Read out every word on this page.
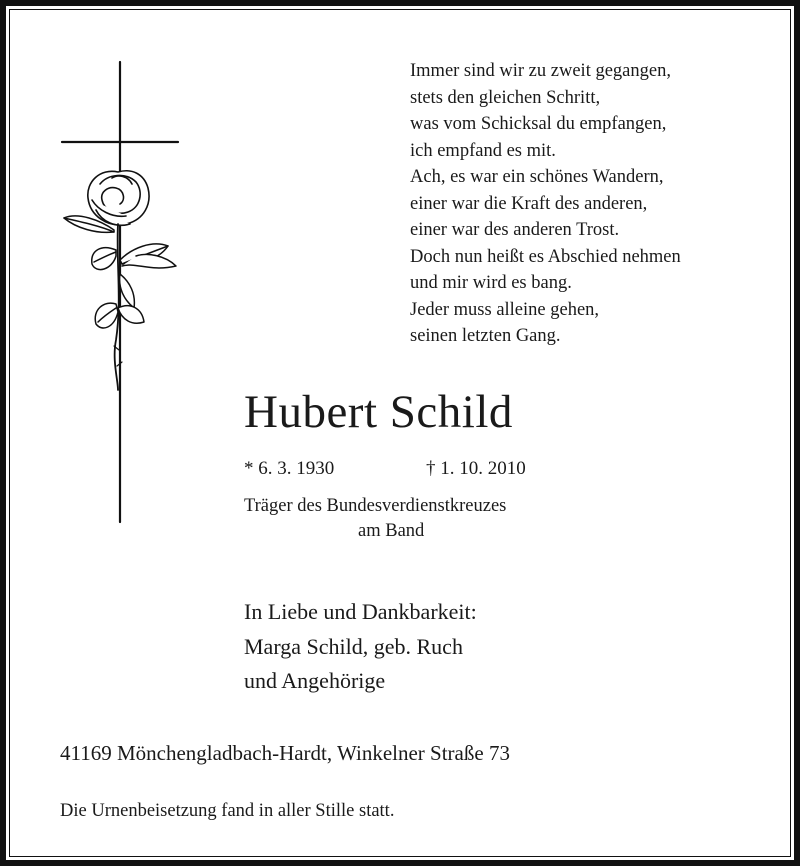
Immer sind wir zu zweit gegangen,
stets den gleichen Schritt,
was vom Schicksal du empfangen,
ich empfand es mit.
Ach, es war ein schönes Wandern,
einer war die Kraft des anderen,
einer war des anderen Trost.
Doch nun heißt es Abschied nehmen
und mir wird es bang.
Jeder muss alleine gehen,
seinen letzten Gang.
Hubert Schild
* 6. 3. 1930	† 1. 10. 2010
Träger des Bundesverdienstkreuzes
am Band
In Liebe und Dankbarkeit:
Marga Schild, geb. Ruch
und Angehörige
41169 Mönchengladbach-Hardt, Winkelner Straße 73
Die Urnenbeisetzung fand in aller Stille statt.
